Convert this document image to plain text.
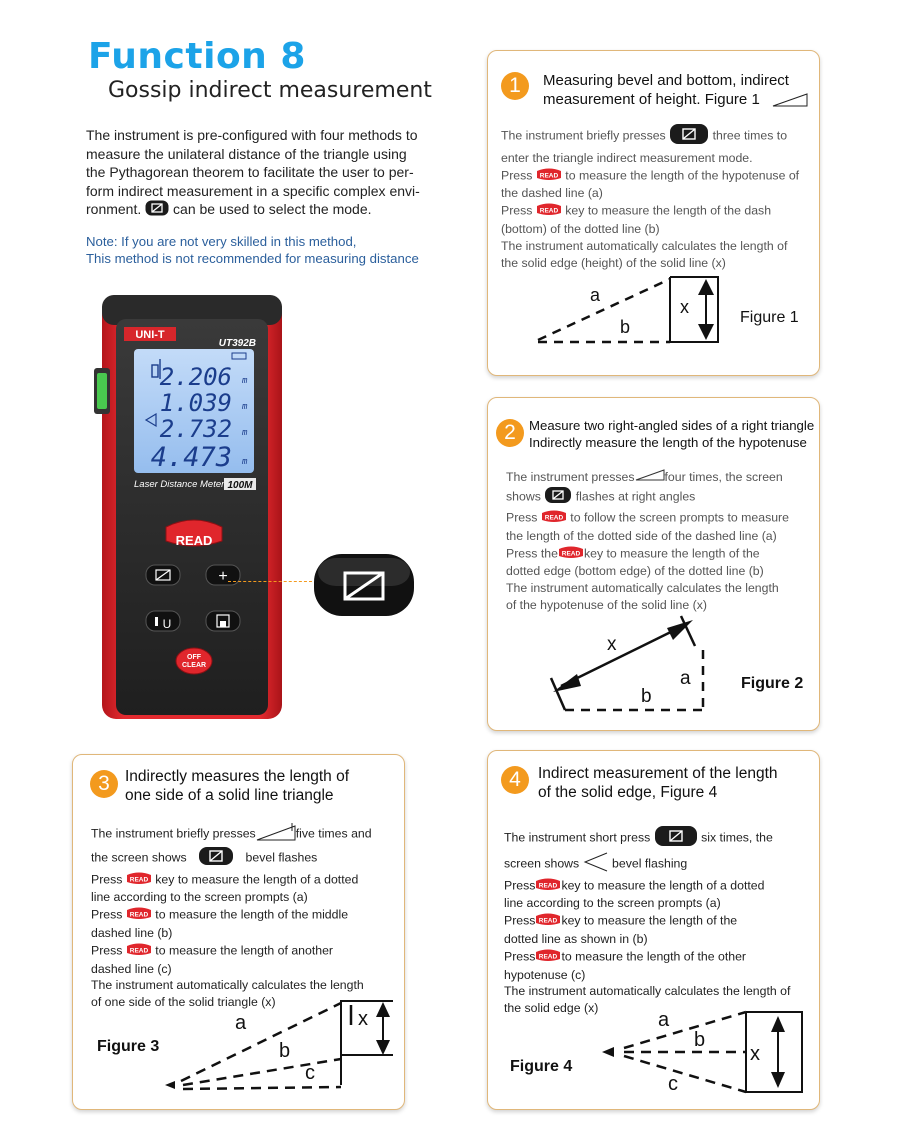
Function 8
Gossip indirect measurement
The instrument is pre-configured with four methods to
measure the unilateral distance of the triangle using
the Pythagorean theorem to facilitate the user to per-
form indirect measurement in a specific complex envi-
ronment. can be used to select the mode.
Note: If you are not very skilled in this method,
This method is not recommended for measuring distance
UNI-T
UT392B
2.206
1.039
2.732
4.473
m
m
m
m
Laser Distance Meter 100M
READ
+
U
OFF
CLEAR
1	Measuring bevel and bottom, indirect
measurement of height. Figure 1
The instrument briefly presses	three times to
enter the triangle indirect measurement mode.
Press READ to measure the length of the hypotenuse of
the dashed line (a)
Press READ key to measure the length of the dash
(bottom) of the dotted line (b)
The instrument automatically calculates the length of
the solid edge (height) of the solid line (x)
a
b
x
Figure 1
2 Measure two right-angled sides of a right triangle
Indirectly measure the length of the hypotenuse
The instrument presses four times, the screen
shows	flashes at right angles
Press READ to follow the screen prompts to measure
the length of the dotted side of the dashed line (a)
Press the READ key to measure the length of the
dotted edge (bottom edge) of the dotted line (b)
The instrument automatically calculates the length
of the hypotenuse of the solid line (x)
x
a
b
Figure 2
3 Indirectly measures the length of
one side of a solid line triangle
The instrument briefly presses	five times and
the screen shows	bevel flashes
Press READ key to measure the length of a dotted
line according to the screen prompts (a)
Press READ to measure the length of the middle
dashed line (b)
Press READ to measure the length of another
dashed line (c)
The instrument automatically calculates the length
of one side of the solid triangle (x)
a
b
c
x
Figure 3
4	Indirect measurement of the length
of the solid edge, Figure 4
The instrument short press	six times, the
screen shows	bevel flashing
Press READ key to measure the length of a dotted
line according to the screen prompts (a)
Press READ key to measure the length of the
dotted line as shown in (b)
Press READ to measure the length of the other
hypotenuse (c)
The instrument automatically calculates the length of
the solid edge (x)
a
b
c
x
Figure 4
